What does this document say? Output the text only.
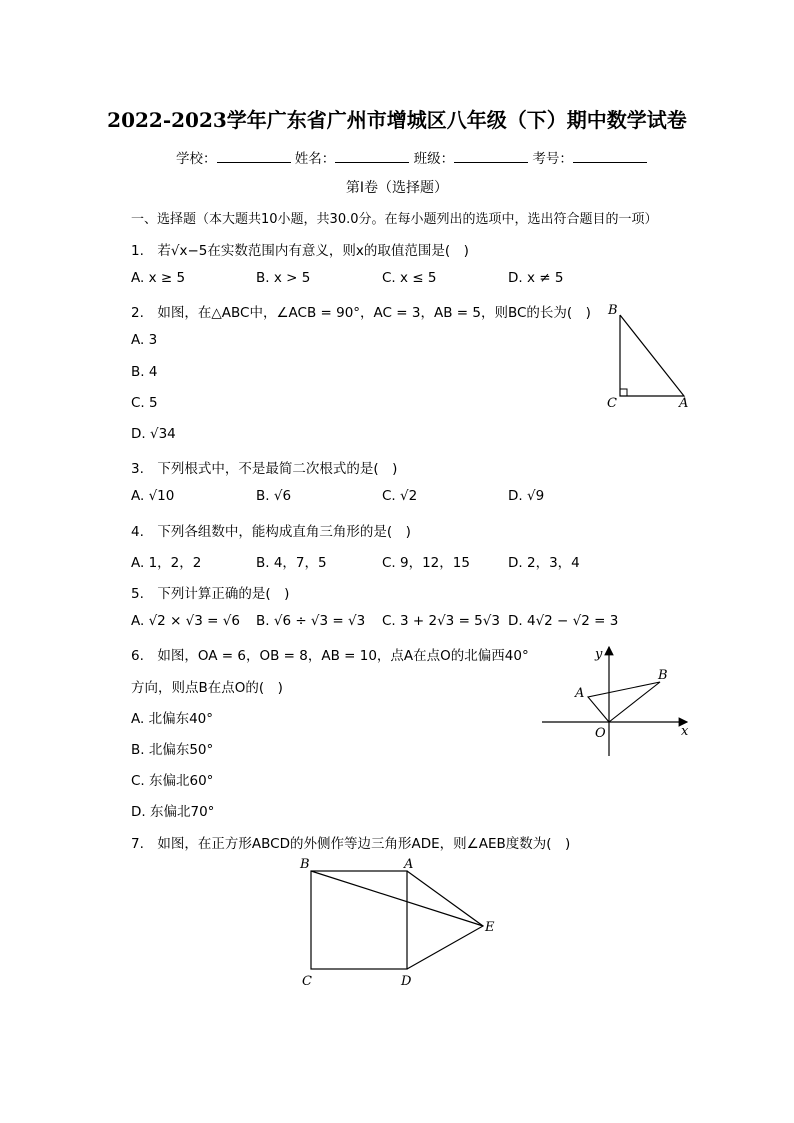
2022-2023学年广东省广州市增城区八年级（下）期中数学试卷
学校：	姓名：	班级：	考号：
第Ⅰ卷（选择题）
一、选择题（本大题共10小题，共30.0分。在每小题列出的选项中，选出符合题目的一项）
1.　若√x−5在实数范围内有意义，则x的取值范围是(　)
A. x ≥ 5	B. x > 5	C. x ≤ 5	D. x ≠ 5
2.　如图，在△ABC中，∠ACB = 90°，AC = 3，AB = 5，则BC的长为(　)
A. 3
B. 4
C. 5
D. √34
B
C	A
3.　下列根式中，不是最简二次根式的是(　)
A. √10	B. √6	C. √2	D. √9
4.　下列各组数中，能构成直角三角形的是(　)
A. 1，2，2	B. 4，7，5	C. 9，12，15	D. 2，3，4
5.　下列计算正确的是(　)
A. √2 × √3 = √6 B. √6 ÷ √3 = √3 C. 3 + 2√3 = 5√3 D. 4√2 − √2 = 3
6.　如图，OA = 6，OB = 8，AB = 10，点A在点O的北偏西40°
方向，则点B在点O的(　)
A. 北偏东40°
B. 北偏东50°
C. 东偏北60°
D. 东偏北70°
y
x
O
A
B
7.　如图，在正方形ABCD的外侧作等边三角形ADE，则∠AEB度数为(　)
B	A
C	D
E
